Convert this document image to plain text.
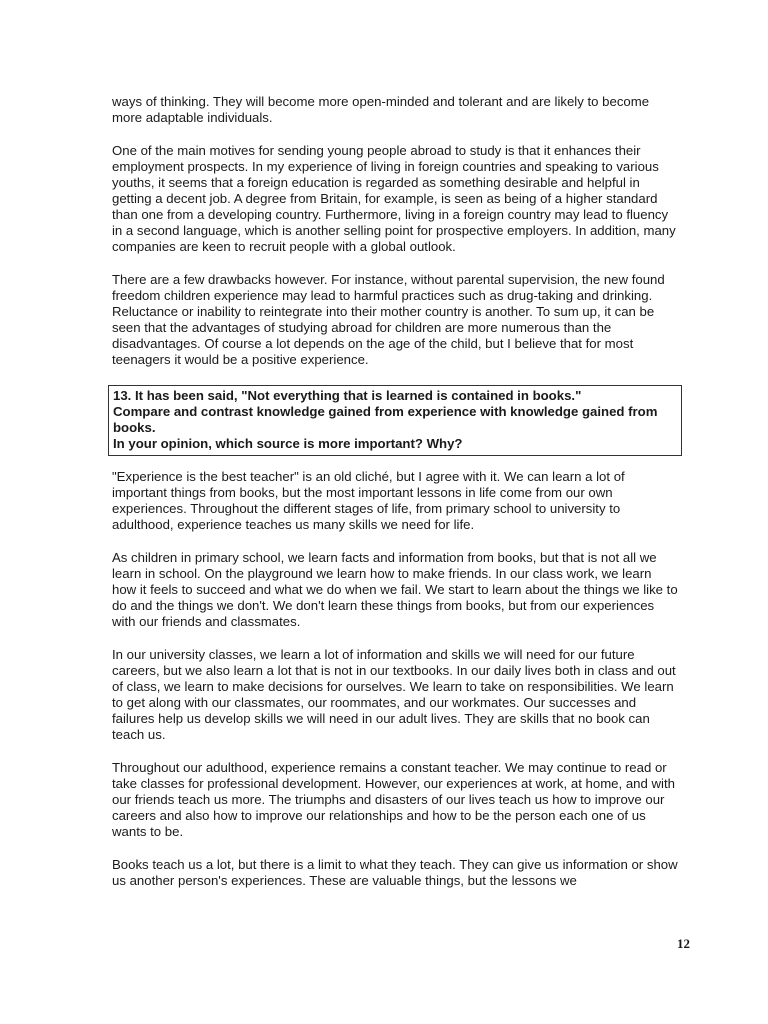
ways of thinking. They will become more open-minded and tolerant and are likely to become more adaptable individuals.

One of the main motives for sending young people abroad to study is that it enhances their employment prospects. In my experience of living in foreign countries and speaking to various youths, it seems that a foreign education is regarded as something desirable and helpful in getting a decent job. A degree from Britain, for example, is seen as being of a higher standard than one from a developing country. Furthermore, living in a foreign country may lead to fluency in a second language, which is another selling point for prospective employers. In addition, many companies are keen to recruit people with a global outlook.

There are a few drawbacks however. For instance, without parental supervision, the new found freedom children experience may lead to harmful practices such as drug-taking and drinking. Reluctance or inability to reintegrate into their mother country is another. To sum up, it can be seen that the advantages of studying abroad for children are more numerous than the disadvantages. Of course a lot depends on the age of the child, but I believe that for most teenagers it would be a positive experience.

13. It has been said, "Not everything that is learned is contained in books."

Compare and contrast knowledge gained from experience with knowledge gained from books.

In your opinion, which source is more important? Why?

"Experience is the best teacher" is an old cliché, but I agree with it. We can learn a lot of important things from books, but the most important lessons in life come from our own experiences. Throughout the different stages of life, from primary school to university to adulthood, experience teaches us many skills we need for life.

As children in primary school, we learn facts and information from books, but that is not all we learn in school. On the playground we learn how to make friends. In our class work, we learn how it feels to succeed and what we do when we fail. We start to learn about the things we like to do and the things we don't. We don't learn these things from books, but from our experiences with our friends and classmates.

In our university classes, we learn a lot of information and skills we will need for our future careers, but we also learn a lot that is not in our textbooks. In our daily lives both in class and out of class, we learn to make decisions for ourselves. We learn to take on responsibilities. We learn to get along with our classmates, our roommates, and our workmates. Our successes and failures help us develop skills we will need in our adult lives. They are skills that no book can teach us.

Throughout our adulthood, experience remains a constant teacher. We may continue to read or take classes for professional development. However, our experiences at work, at home, and with our friends teach us more. The triumphs and disasters of our lives teach us how to improve our careers and also how to improve our relationships and how to be the person each one of us wants to be.

Books teach us a lot, but there is a limit to what they teach. They can give us information or show us another person's experiences. These are valuable things, but the lessons we

12
